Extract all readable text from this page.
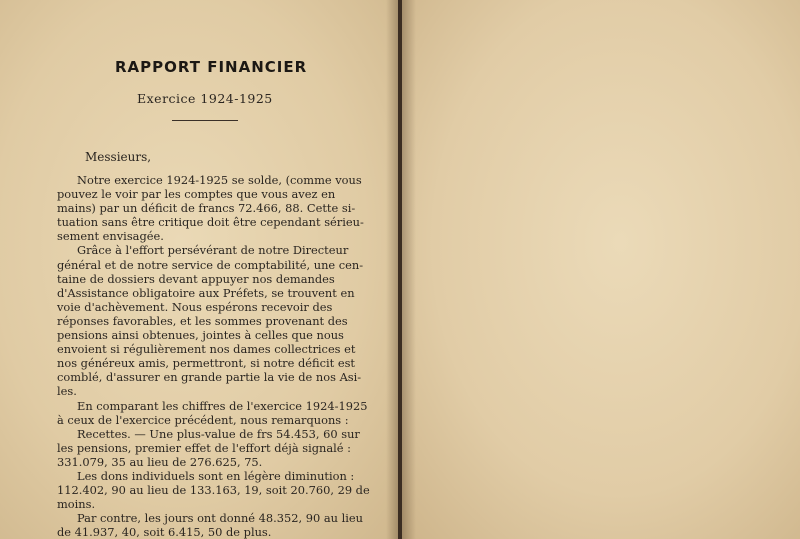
RAPPORT FINANCIER
Exercice 1924-1925
Messieurs,
Notre exercice 1924-1925 se solde, (comme vous
pouvez le voir par les comptes que vous avez en
mains) par un déficit de francs 72.466, 88. Cette si-
tuation sans être critique doit être cependant sérieu-
sement envisagée.
Grâce à l'effort persévérant de notre Directeur
général et de notre service de comptabilité, une cen-
taine de dossiers devant appuyer nos demandes
d'Assistance obligatoire aux Préfets, se trouvent en
voie d'achèvement. Nous espérons recevoir des
réponses favorables, et les sommes provenant des
pensions ainsi obtenues, jointes à celles que nous
envoient si régulièrement nos dames collectrices et
nos généreux amis, permettront, si notre déficit est
comblé, d'assurer en grande partie la vie de nos Asi-
les.
En comparant les chiffres de l'exercice 1924-1925
à ceux de l'exercice précédent, nous remarquons :
Recettes. — Une plus-value de frs 54.453, 60 sur
les pensions, premier effet de l'effort déjà signalé :
331.079, 35 au lieu de 276.625, 75.
Les dons individuels sont en légère diminution :
112.402, 90 au lieu de 133.163, 19, soit 20.760, 29 de
moins.
Par contre, les jours ont donné 48.352, 90 au lieu
de 41.937, 40, soit 6.415, 50 de plus.
